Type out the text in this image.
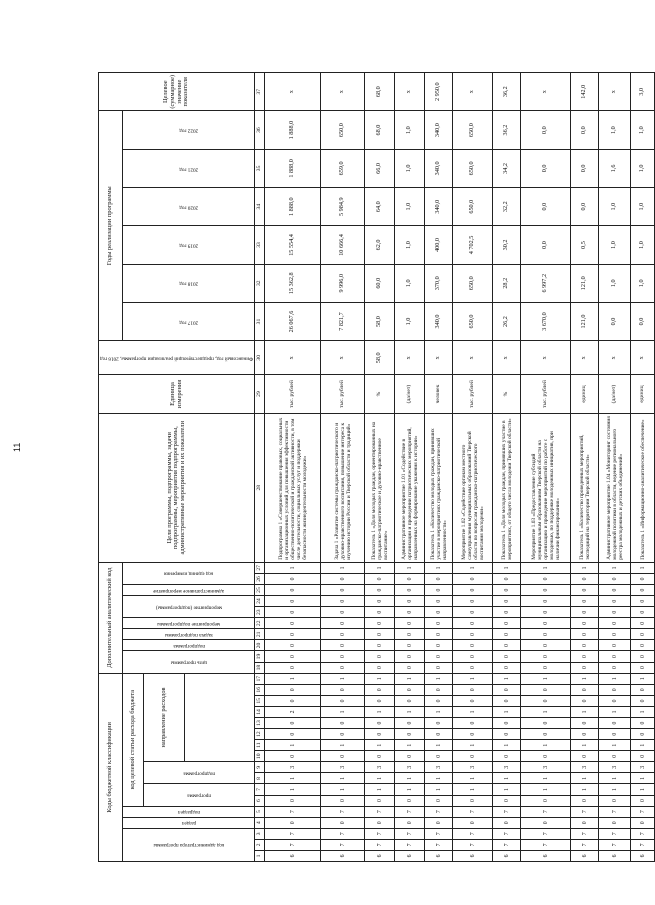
11
Коды бюджетной классификации																	Дополнительный аналитический код										Цели программы, подпрограммы, задачи подпрограммы, мероприятия подпрограммы, административные мероприятия и их показатели	Единица измерения	Финансовый год, предшествующий реализации программы, 2016 год	Годы реализации программы						Целевое (суммарное) значение показателя
код администратора программы			раздел	подраздел	код целевой статьи расхода бюджета												цель программы		подпрограмма	задача подпрограммы	мероприятие подпрограммы	мероприятие (подпрограммы)		административное мероприятие	код единиц измерения					2017 год	2018 год	2019 год	2020 год	2021 год	2022 год	
					программа		подпрограмма		направление расходов																											

1	2	3	4	5	6	7	8	9	10	11	12	13	14	15	16	17	18	19	20	21	22	23	24	25	26	27	28	29	30	31	32	33	34	35	36	37
6	7	7	0	7	0	1	1	3	0	1	0	0	2	0	0	1	0	0	0	0	0	0	0	0	0	1	Подпрограмма 1 «Совершенствование правовых, социальных и организационных условий для повышения эффективности общественно-политической и гражданской активности, в том числе деятельности, социальных услуг и поддержки безопасности жизнедеятельности молодежи»	тыс. рублей	х	26 067,6	15 362,8	15 554,4	1 888,0	1 888,0	1 888,0	х
6	7	7	0	7	0	1	1	3	0	1	0	0	1	0	0	1	0	0	0	0	0	0	0	0	0	1	Задача 1 «Развитие системы гражданско-патриотического и духовно-нравственного воспитания, повышение интереса к изучению истории России и Тверской области и традиций»	тыс. рублей	х	7 821,7	9 996,0	10 666,4	5 984,9	659,0	650,0	х
6	7	7	0	7	0	1	1	3	0	1	0	0	1	0	0	1	0	0	0	0	0	0	0	0	0	1	Показатель 1 «Доля молодых граждан, ориентированных на гражданско-патриотическое и духовно-нравственное воспитание»	%	58,0	58,0	60,0	62,0	64,0	66,0	68,0	68,0
6	7	7	0	7	0	1	1	3	0	1	0	0	1	0	0	1	0	0	0	0	0	0	0	0	0	1	Административное мероприятие 1.01 «Содействие в организации и проведении патриотических мероприятий, направленных на формирование уважения к истории»	(да/нет)	х	1,0	1,0	1,0	1,0	1,0	1,0	х
6	7	7	0	7	0	1	1	3	0	1	0	0	1	0	0	1	0	0	0	0	0	0	0	0	0	1	Показатель 1 «Количество молодых граждан, принявших участие в мероприятиях гражданско-патриотической направленности»	человек	х	340,0	370,0	400,0	340,0	340,0	340,0	2 950,0
6	7	7	0	7	0	1	1	3	0	1	0	0	1	0	0	1	0	0	0	0	0	0	0	0	0	1	Мероприятие 1.02 «Содействие органам местного самоуправления муниципальных образований Тверской области по вопросам гражданско-патриотического воспитания молодежи»	тыс. рублей	х	650,0	650,0	4 702,5	650,0	650,0	650,0	х
6	7	7	0	7	0	1	1	3	0	1	0	0	1	0	0	1	0	0	0	0	0	0	0	0	0	1	Показатель 1 «Доля молодых граждан, принявших участие в мероприятиях, от общего числа молодежи Тверской области»	%	х	26,2	28,2	30,2	32,2	34,2	36,2	36,2
6	7	7	0	7	0	1	1	3	0	1	0	0	1	0	0	1	0	0	0	0	0	0	0	0	0	1	Мероприятие 1.03 «Предоставление субсидий муниципальным образованиям Тверской области на организацию и проведение мероприятий по работе с молодежью, по поддержке молодежных инициатив, при наличии финансирования»	тыс. рублей	х	3 670,0	6 997,2	0,0	0,0	0,0	0,0	х
6	7	7	0	7	0	1	1	3	0	1	0	0	1	0	0	1	0	0	0	0	0	0	0	0	0	1	Показатель 1 «Количество проведенных мероприятий, экспедиций на территории Тверской области»	единиц	х	121,0	121,0	0,5	0,0	0,0	0,0	142,0
6	7	7	0	7	0	1	1	3	0	1	0	0	1	0	0	1	0	0	0	0	0	0	0	0	0	1	Административное мероприятие 1.04 «Мониторинг состояния молодежной политики в области, ведение регионального реестра молодежных и детских объединений»	(да/нет)	х	0,0	1,0	1,0	1,0	1,6	1,0	х
6	7	7	0	7	0	1	1	3	0	1	0	0	1	0	0	1	0	0	0	0	0	0	0	0	0	1	Показатель 1 «Информационно-аналитическое обеспечение»	единиц	х	0,0	1,0	1,0	1,0	1,0	1,0	3,0
